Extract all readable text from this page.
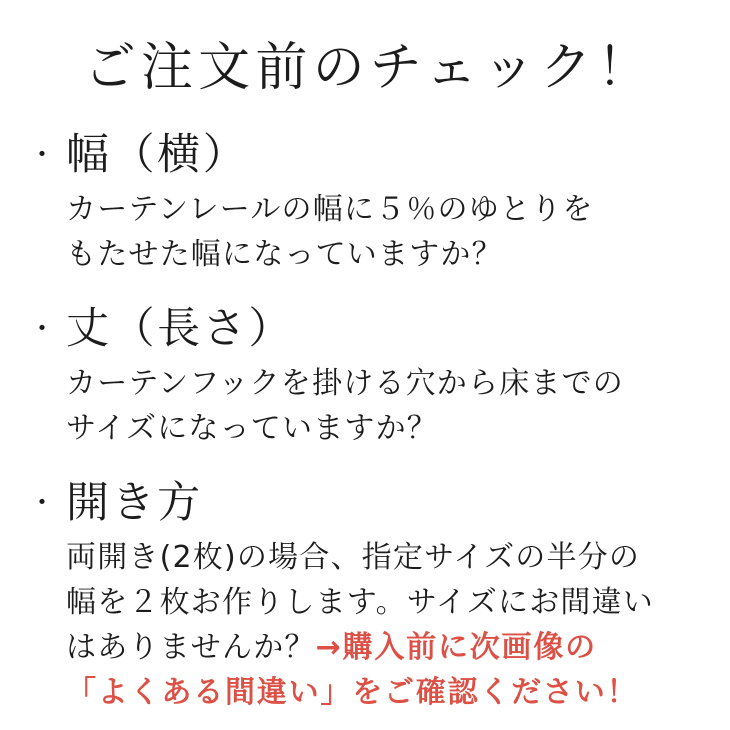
ご注文前のチェック！
・ 幅（横）
カーテンレールの幅に５％のゆとりを
もたせた幅になっていますか？
・ 丈（長さ）
カーテンフックを掛ける穴から床までの
サイズになっていますか？
・ 開き方
両開き(2枚)の場合、指定サイズの半分の
幅を２枚お作りします。サイズにお間違い
はありませんか？→購入前に次画像の
「よくある間違い」をご確認ください！
